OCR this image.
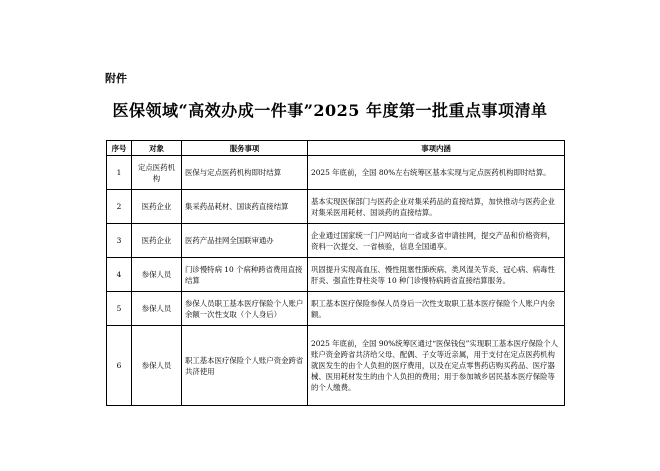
附件
医保领域“高效办成一件事”2025 年度第一批重点事项清单
序号	对象	服务事项	事项内涵
1	定点医药机构	医保与定点医药机构即时结算	2025 年底前，全国 80%左右统筹区基本实现与定点医药机构即时结算。
2	医药企业	集采药品耗材、国谈药直接结算	基本实现医保部门与医药企业对集采药品的直接结算，加快推动与医药企业对集采医用耗材、国谈药的直接结算。
3	医药企业	医药产品挂网全国联审通办	企业通过国家统一门户网站向一省或多省申请挂网，提交产品和价格资料，资料一次提交、一省核验，信息全国通享。
4	参保人员	门诊慢特病 10 个病种跨省费用直接结算	巩固提升实现高血压、慢性阻塞性肺疾病、类风湿关节炎、冠心病、病毒性肝炎、强直性脊柱炎等 10 种门诊慢特病跨省直接结算服务。
5	参保人员	参保人员职工基本医疗保险个人账户余额一次性支取（个人身后）	职工基本医疗保险参保人员身后一次性支取职工基本医疗保险个人账户内余额。
6	参保人员	职工基本医疗保险个人账户资金跨省共济使用	2025 年底前，全国 90%统筹区通过“医保钱包”实现职工基本医疗保险个人账户资金跨省共济给父母、配偶、子女等近亲属，用于支付在定点医药机构就医发生的由个人负担的医疗费用，以及在定点零售药店购买药品、医疗器械、医用耗材发生的由个人负担的费用；用于参加城乡居民基本医疗保险等的个人缴费。
